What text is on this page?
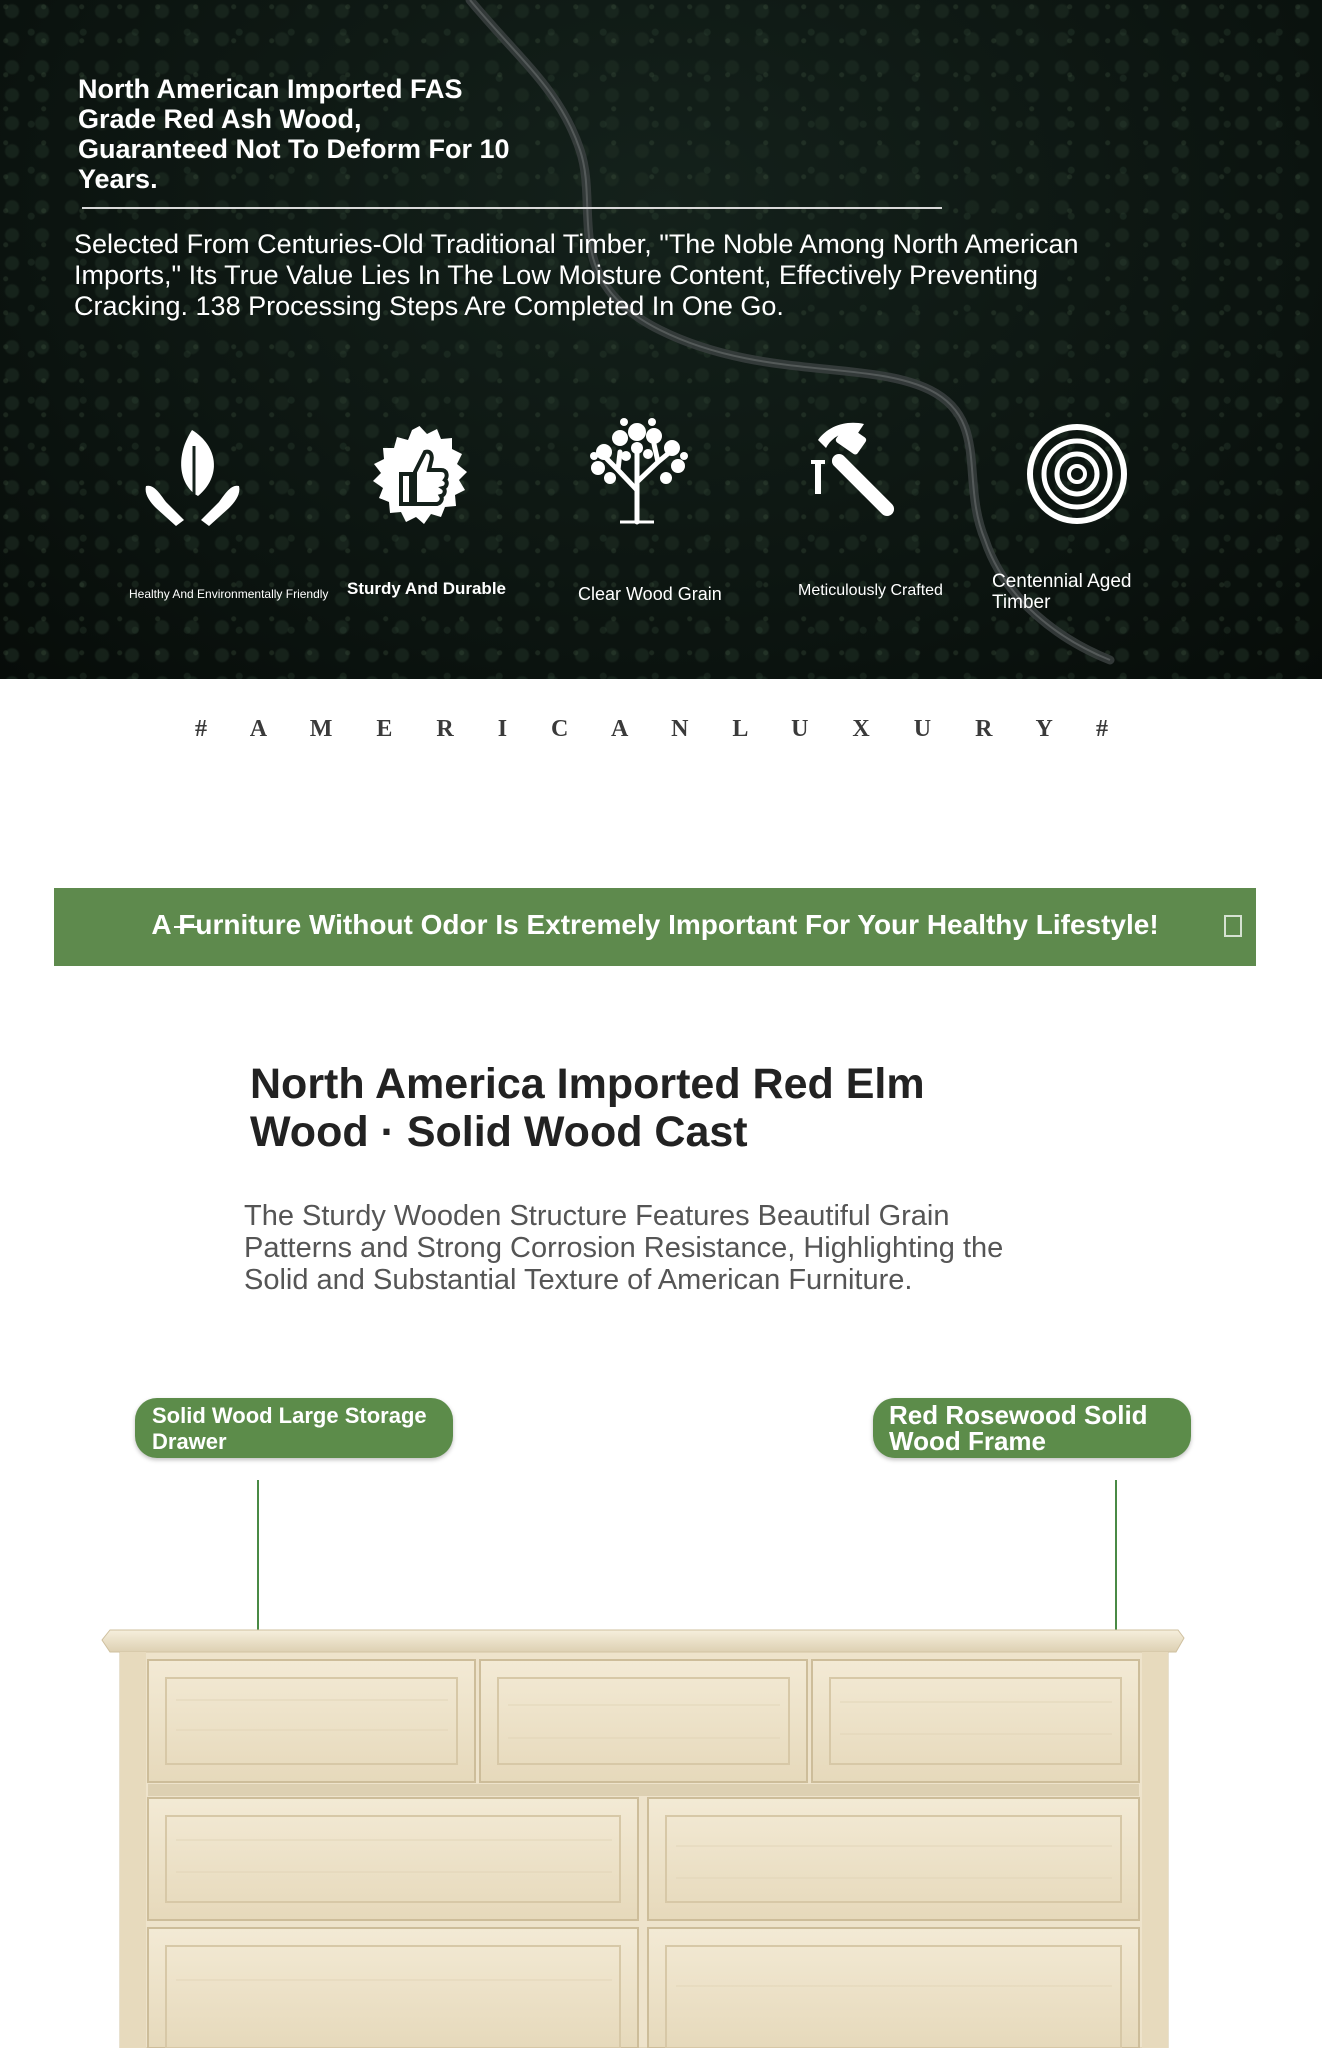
North American Imported FAS Grade Red Ash Wood, Guaranteed Not To Deform For 10 Years.
Selected From Centuries-Old Traditional Timber, "The Noble Among North American Imports," Its True Value Lies In The Low Moisture Content, Effectively Preventing Cracking. 138 Processing Steps Are Completed In One Go.
Healthy And Environmentally Friendly Sturdy And Durable	Clear Wood Grain	Meticulously Crafted	Centennial Aged Timber
# A M E R I C A N L U X U R Y #
A Furniture Without Odor Is Extremely Important For Your Healthy Lifestyle!
North America Imported Red Elm Wood · Solid Wood Cast
The Sturdy Wooden Structure Features Beautiful Grain Patterns and Strong Corrosion Resistance, Highlighting the Solid and Substantial Texture of American Furniture.
Solid Wood Large Storage Drawer
Red Rosewood Solid Wood Frame
